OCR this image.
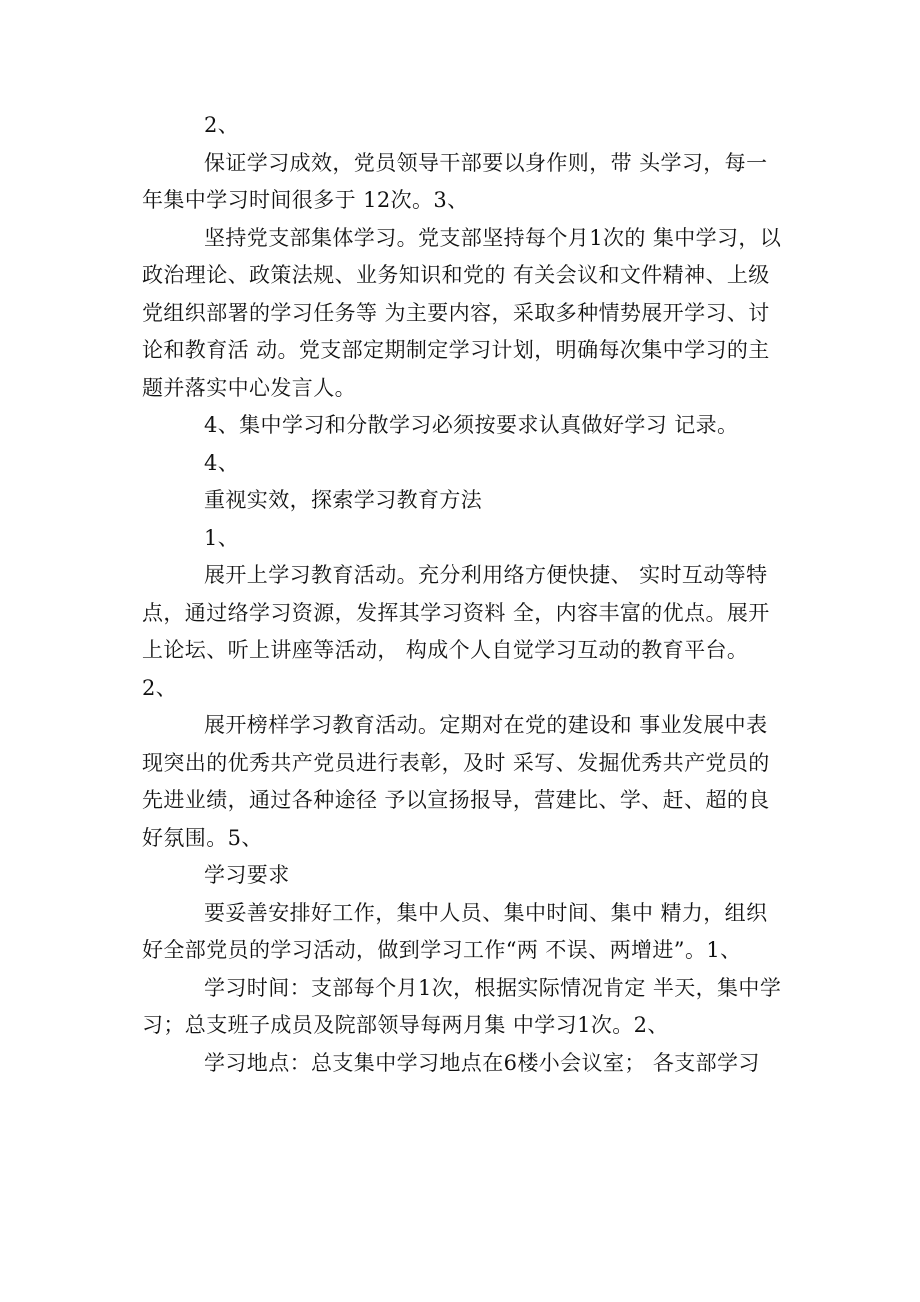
2、

保证学习成效，党员领导干部要以身作则，带 头学习，每一年集中学习时间很多于 12次。3、

坚持党支部集体学习。党支部坚持每个月1次的 集中学习，以政治理论、政策法规、业务知识和党的 有关会议和文件精神、上级党组织部署的学习任务等 为主要内容，采取多种情势展开学习、讨论和教育活 动。党支部定期制定学习计划，明确每次集中学习的主题并落实中心发言人。

4、集中学习和分散学习必须按要求认真做好学习 记录。

4、

重视实效，探索学习教育方法

1、

展开上学习教育活动。充分利用络方便快捷、 实时互动等特点，通过络学习资源，发挥其学习资料 全，内容丰富的优点。展开上论坛、听上讲座等活动， 构成个人自觉学习互动的教育平台。2、

展开榜样学习教育活动。定期对在党的建设和 事业发展中表现突出的优秀共产党员进行表彰，及时 采写、发掘优秀共产党员的先进业绩，通过各种途径 予以宣扬报导，营建比、学、赶、超的良好氛围。5、

学习要求

要妥善安排好工作，集中人员、集中时间、集中 精力，组织好全部党员的学习活动，做到学习工作“两 不误、两增进”。1、

学习时间：支部每个月1次，根据实际情况肯定 半天，集中学习；总支班子成员及院部领导每两月集 中学习1次。2、

学习地点：总支集中学习地点在6楼小会议室； 各支部学习
